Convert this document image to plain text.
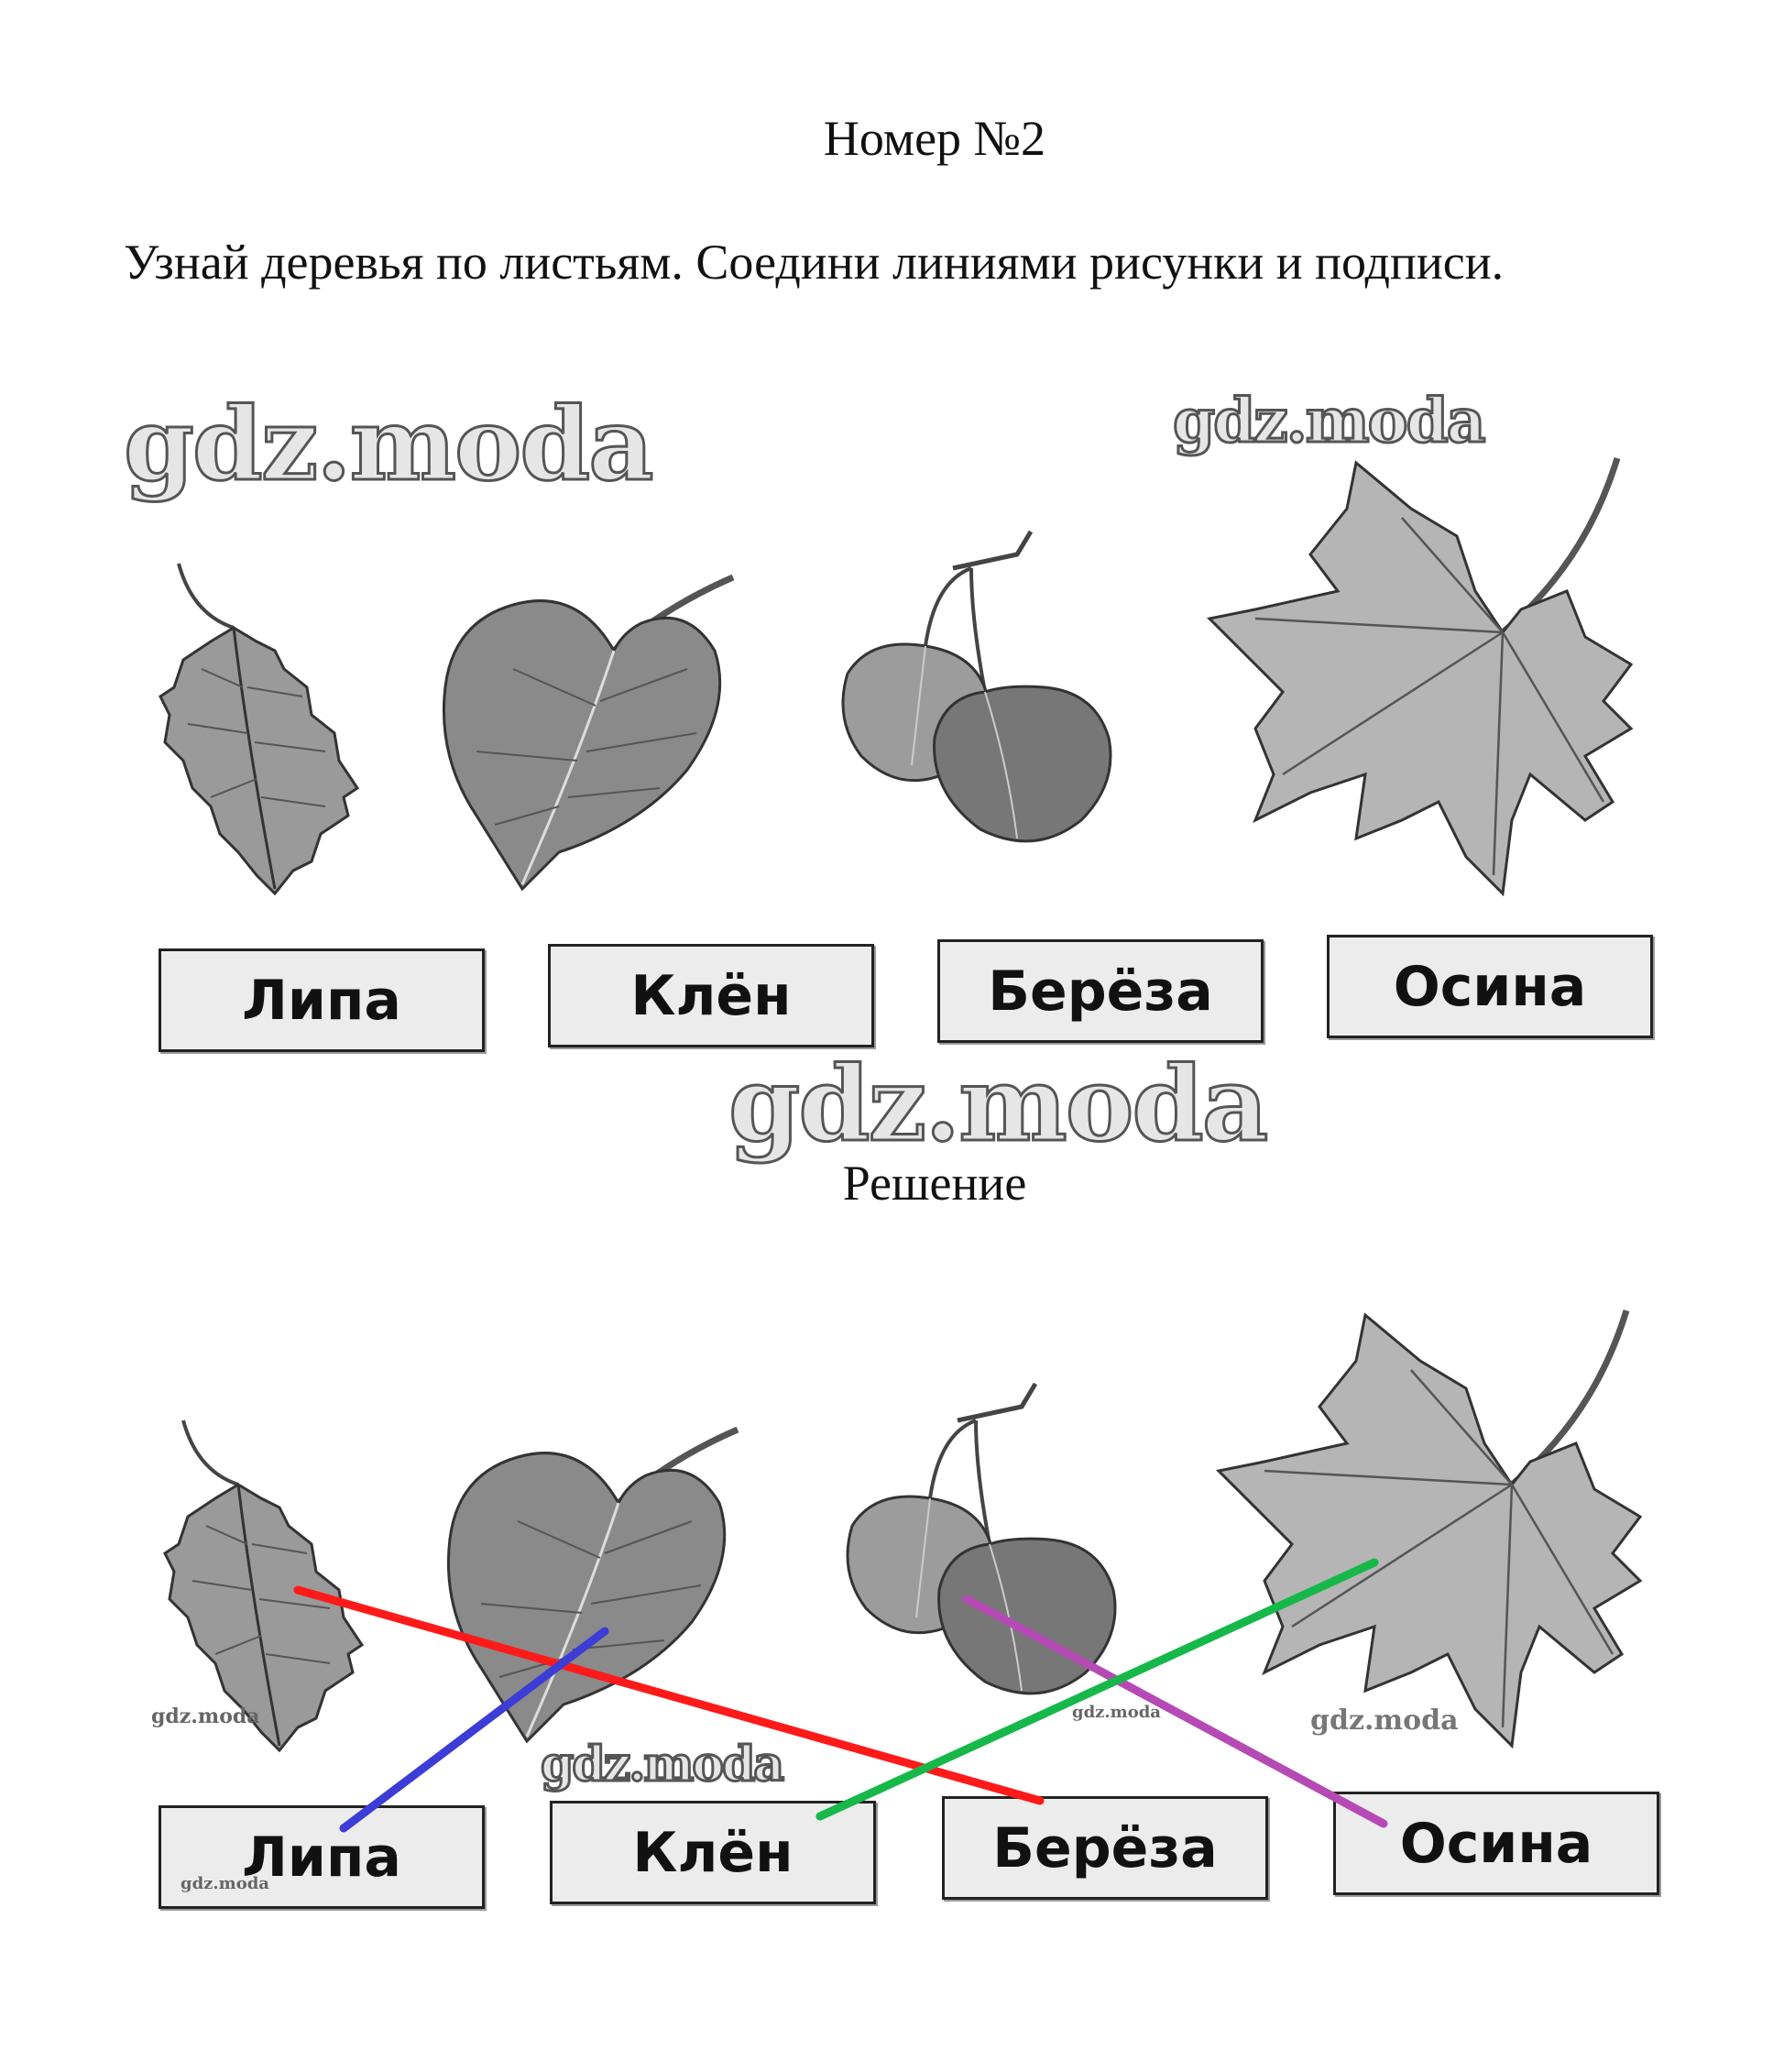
Номер №2
Узнай деревья по листьям. Соедини линиями рисунки и подписи.
gdz.moda	gdz.moda
Липа	Клён	Берёза	Осина
gdz.moda
Решение
gdz.moda	gdz.moda	gdz.moda
gdz.moda
Липа	Клён	Берёза	Осина
gdz.moda
